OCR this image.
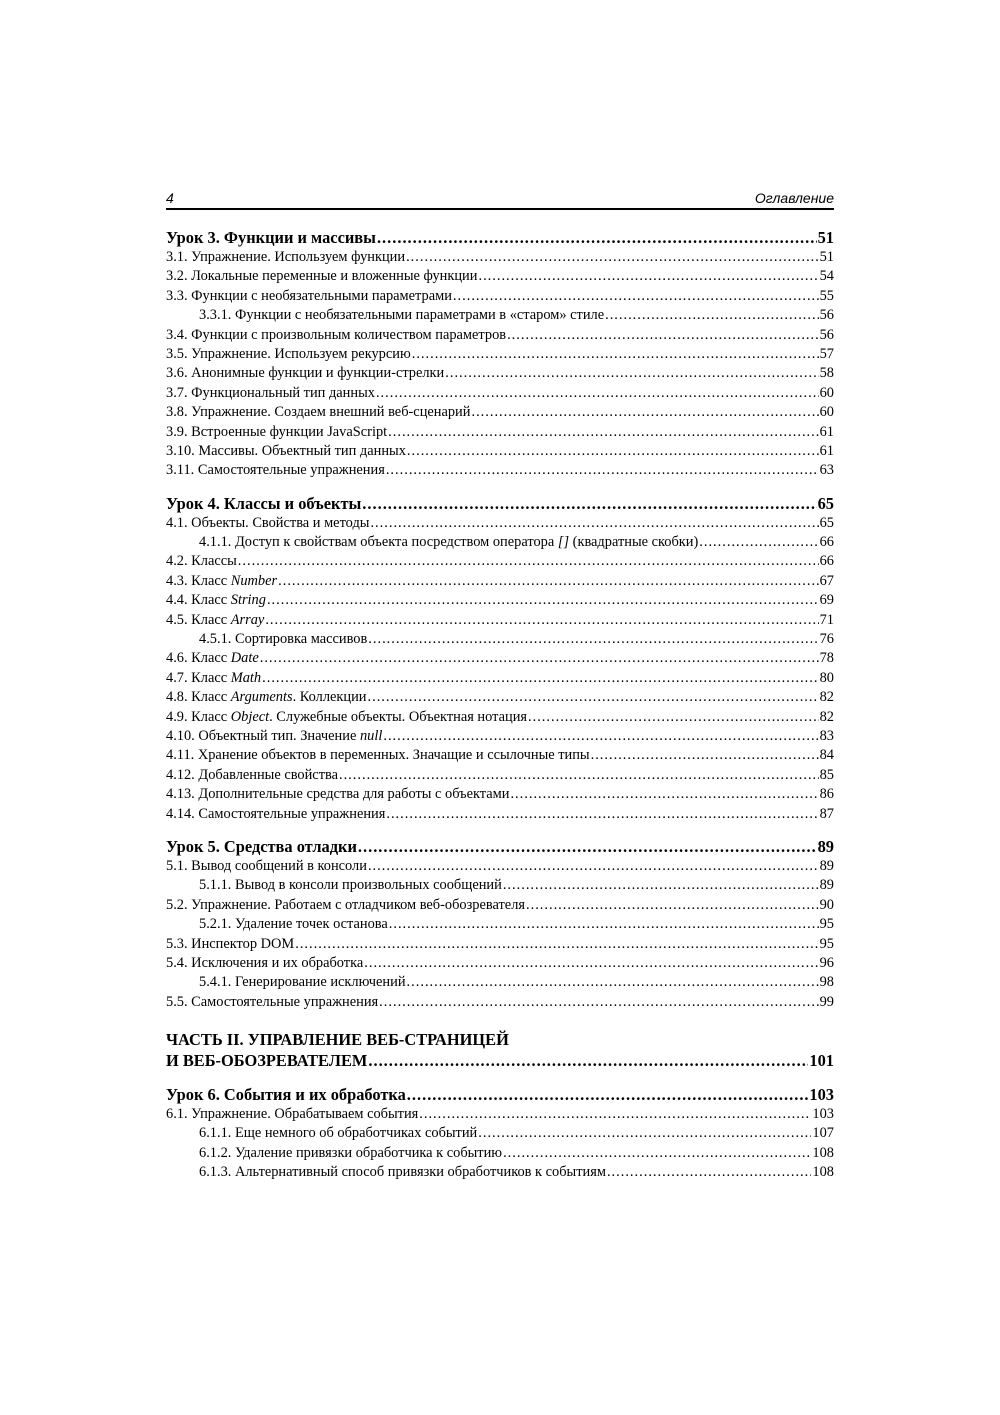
4	Оглавление
Урок 3. Функции и массивы .....	51
3.1. Упражнение. Используем функции .....	51
3.2. Локальные переменные и вложенные функции .....	54
3.3. Функции с необязательными параметрами .....	55
3.3.1. Функции с необязательными параметрами в «старом» стиле .....	56
3.4. Функции с произвольным количеством параметров .....	56
3.5. Упражнение. Используем рекурсию .....	57
3.6. Анонимные функции и функции-стрелки .....	58
3.7. Функциональный тип данных .....	60
3.8. Упражнение. Создаем внешний веб-сценарий .....	60
3.9. Встроенные функции JavaScript .....	61
3.10. Массивы. Объектный тип данных .....	61
3.11. Самостоятельные упражнения .....	63
Урок 4. Классы и объекты .....	65
4.1. Объекты. Свойства и методы .....	65
4.1.1. Доступ к свойствам объекта посредством оператора [] (квадратные скобки) .....	66
4.2. Классы .....	66
4.3. Класс Number .....	67
4.4. Класс String .....	69
4.5. Класс Array .....	71
4.5.1. Сортировка массивов .....	76
4.6. Класс Date .....	78
4.7. Класс Math .....	80
4.8. Класс Arguments. Коллекции .....	82
4.9. Класс Object. Служебные объекты. Объектная нотация .....	82
4.10. Объектный тип. Значение null .....	83
4.11. Хранение объектов в переменных. Значащие и ссылочные типы .....	84
4.12. Добавленные свойства .....	85
4.13. Дополнительные средства для работы с объектами .....	86
4.14. Самостоятельные упражнения .....	87
Урок 5. Средства отладки .....	89
5.1. Вывод сообщений в консоли .....	89
5.1.1. Вывод в консоли произвольных сообщений .....	89
5.2. Упражнение. Работаем с отладчиком веб-обозревателя .....	90
5.2.1. Удаление точек останова .....	95
5.3. Инспектор DOM .....	95
5.4. Исключения и их обработка .....	96
5.4.1. Генерирование исключений .....	98
5.5. Самостоятельные упражнения .....	99
ЧАСТЬ II. УПРАВЛЕНИЕ ВЕБ-СТРАНИЦЕЙ
И ВЕБ-ОБОЗРЕВАТЕЛЕМ .....	101
Урок 6. События и их обработка .....	103
6.1. Упражнение. Обрабатываем события .....	103
6.1.1. Еще немного об обработчиках событий .....	107
6.1.2. Удаление привязки обработчика к событию .....	108
6.1.3. Альтернативный способ привязки обработчиков к событиям .....	108
